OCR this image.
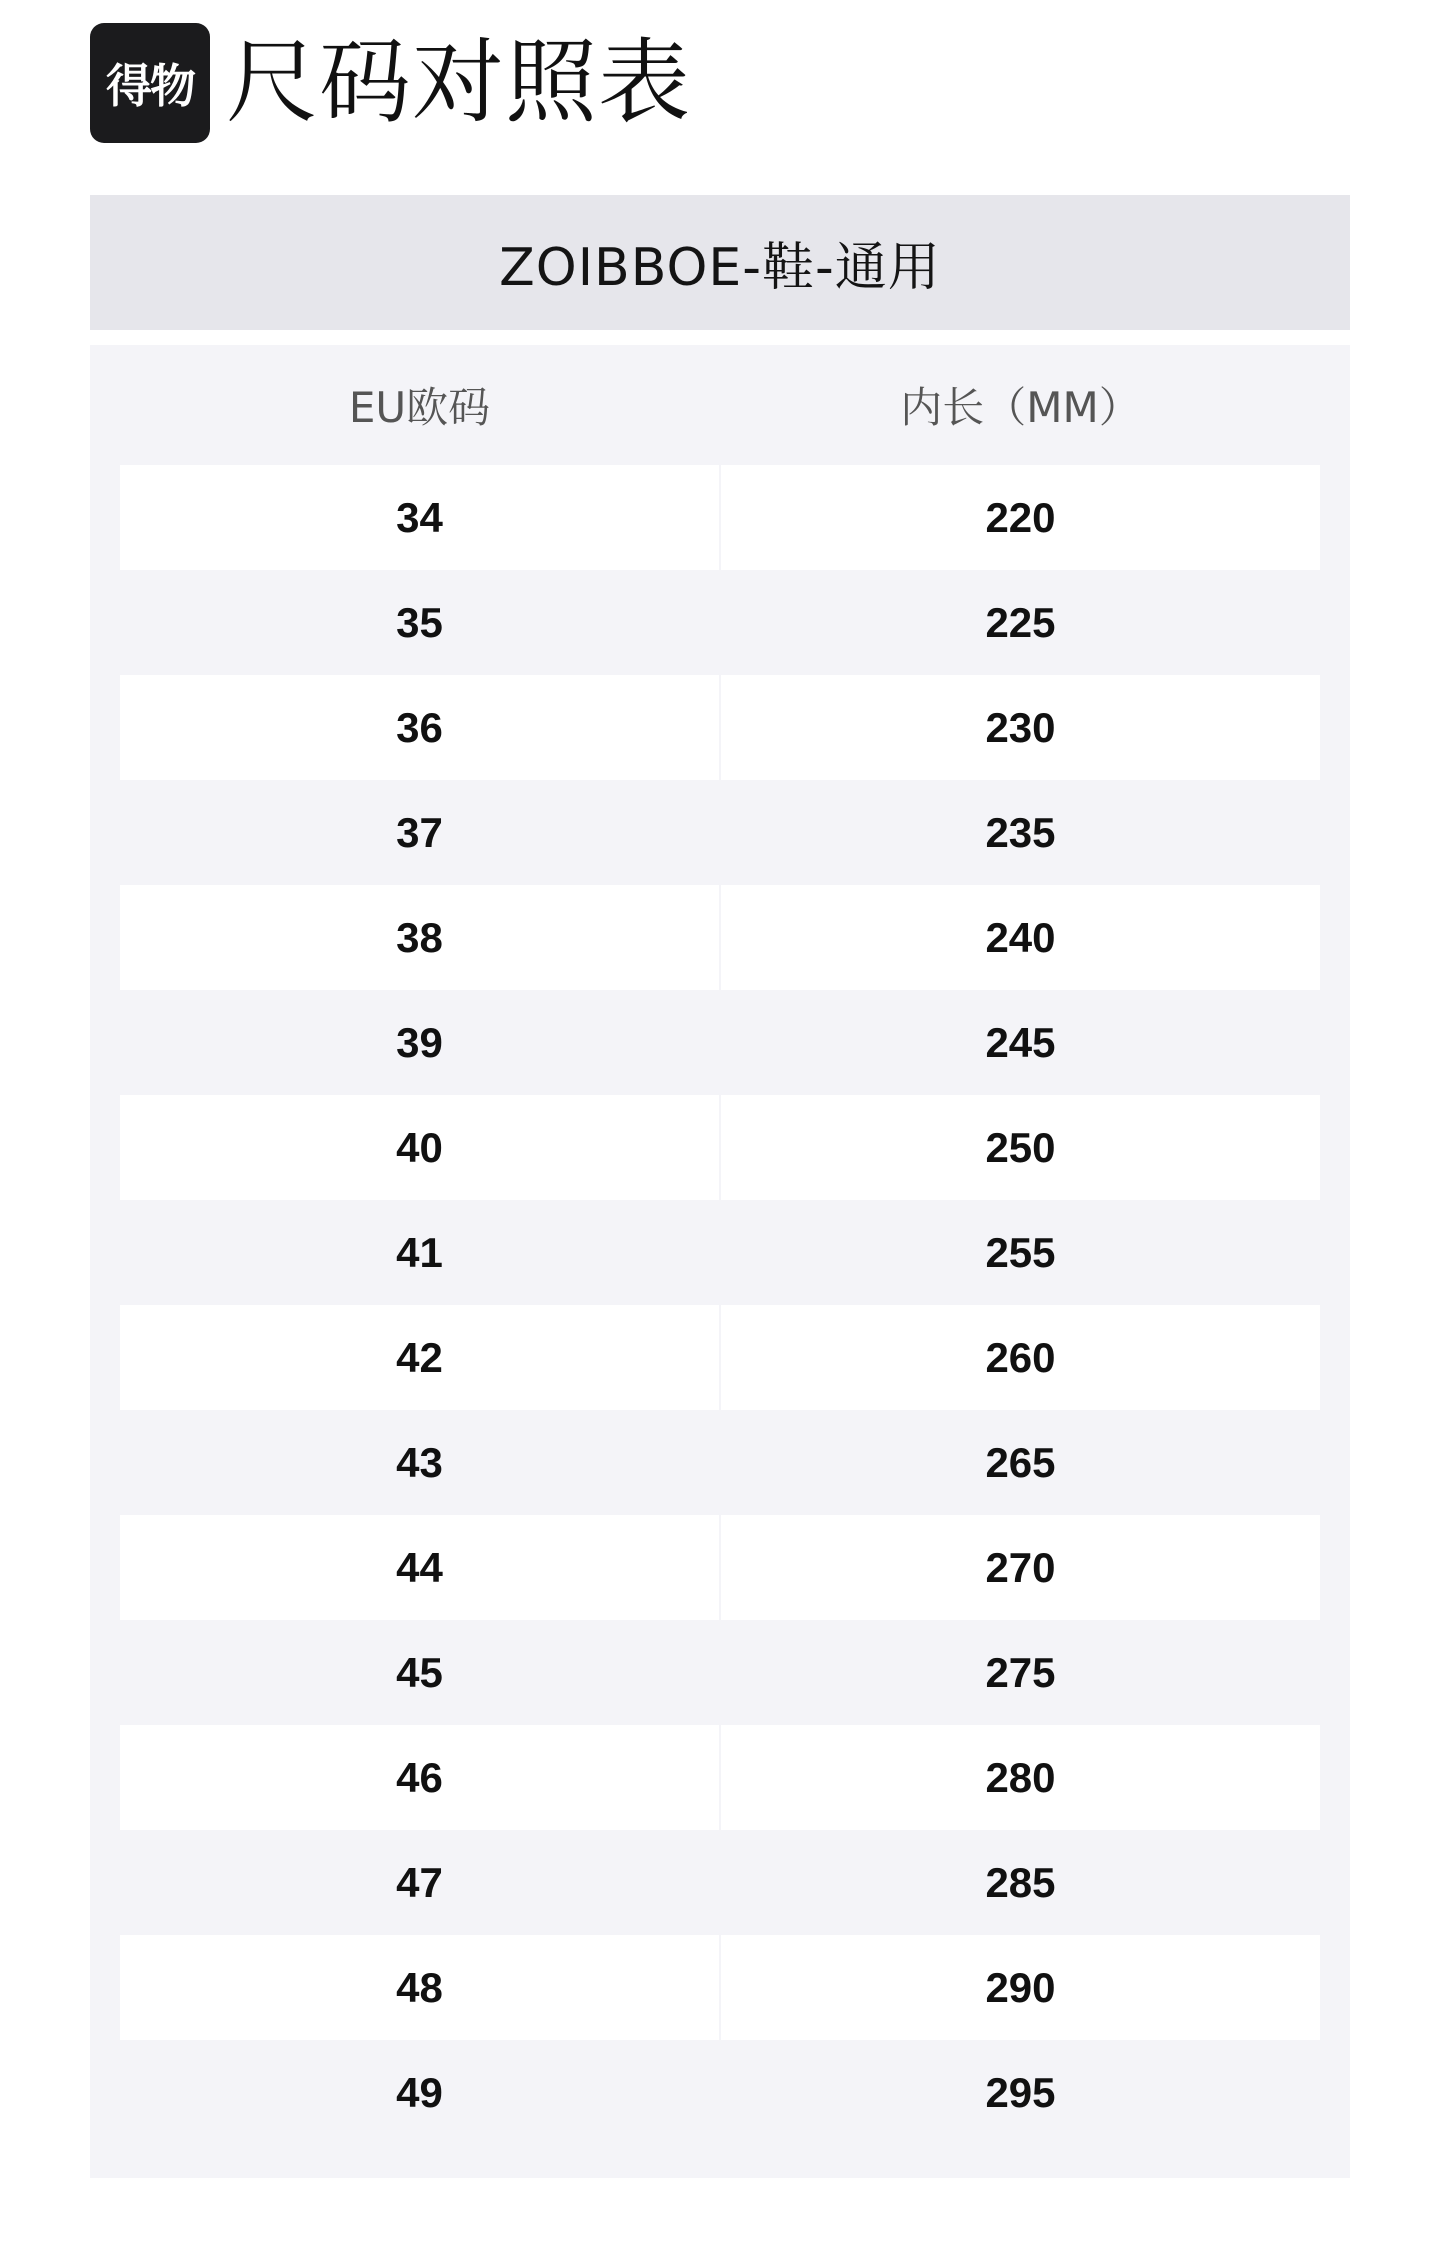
得物 尺码对照表
ZOIBBOE-鞋-通用
EU欧码	内长（MM）
34	220
35	225
36	230
37	235
38	240
39	245
40	250
41	255
42	260
43	265
44	270
45	275
46	280
47	285
48	290
49	295
